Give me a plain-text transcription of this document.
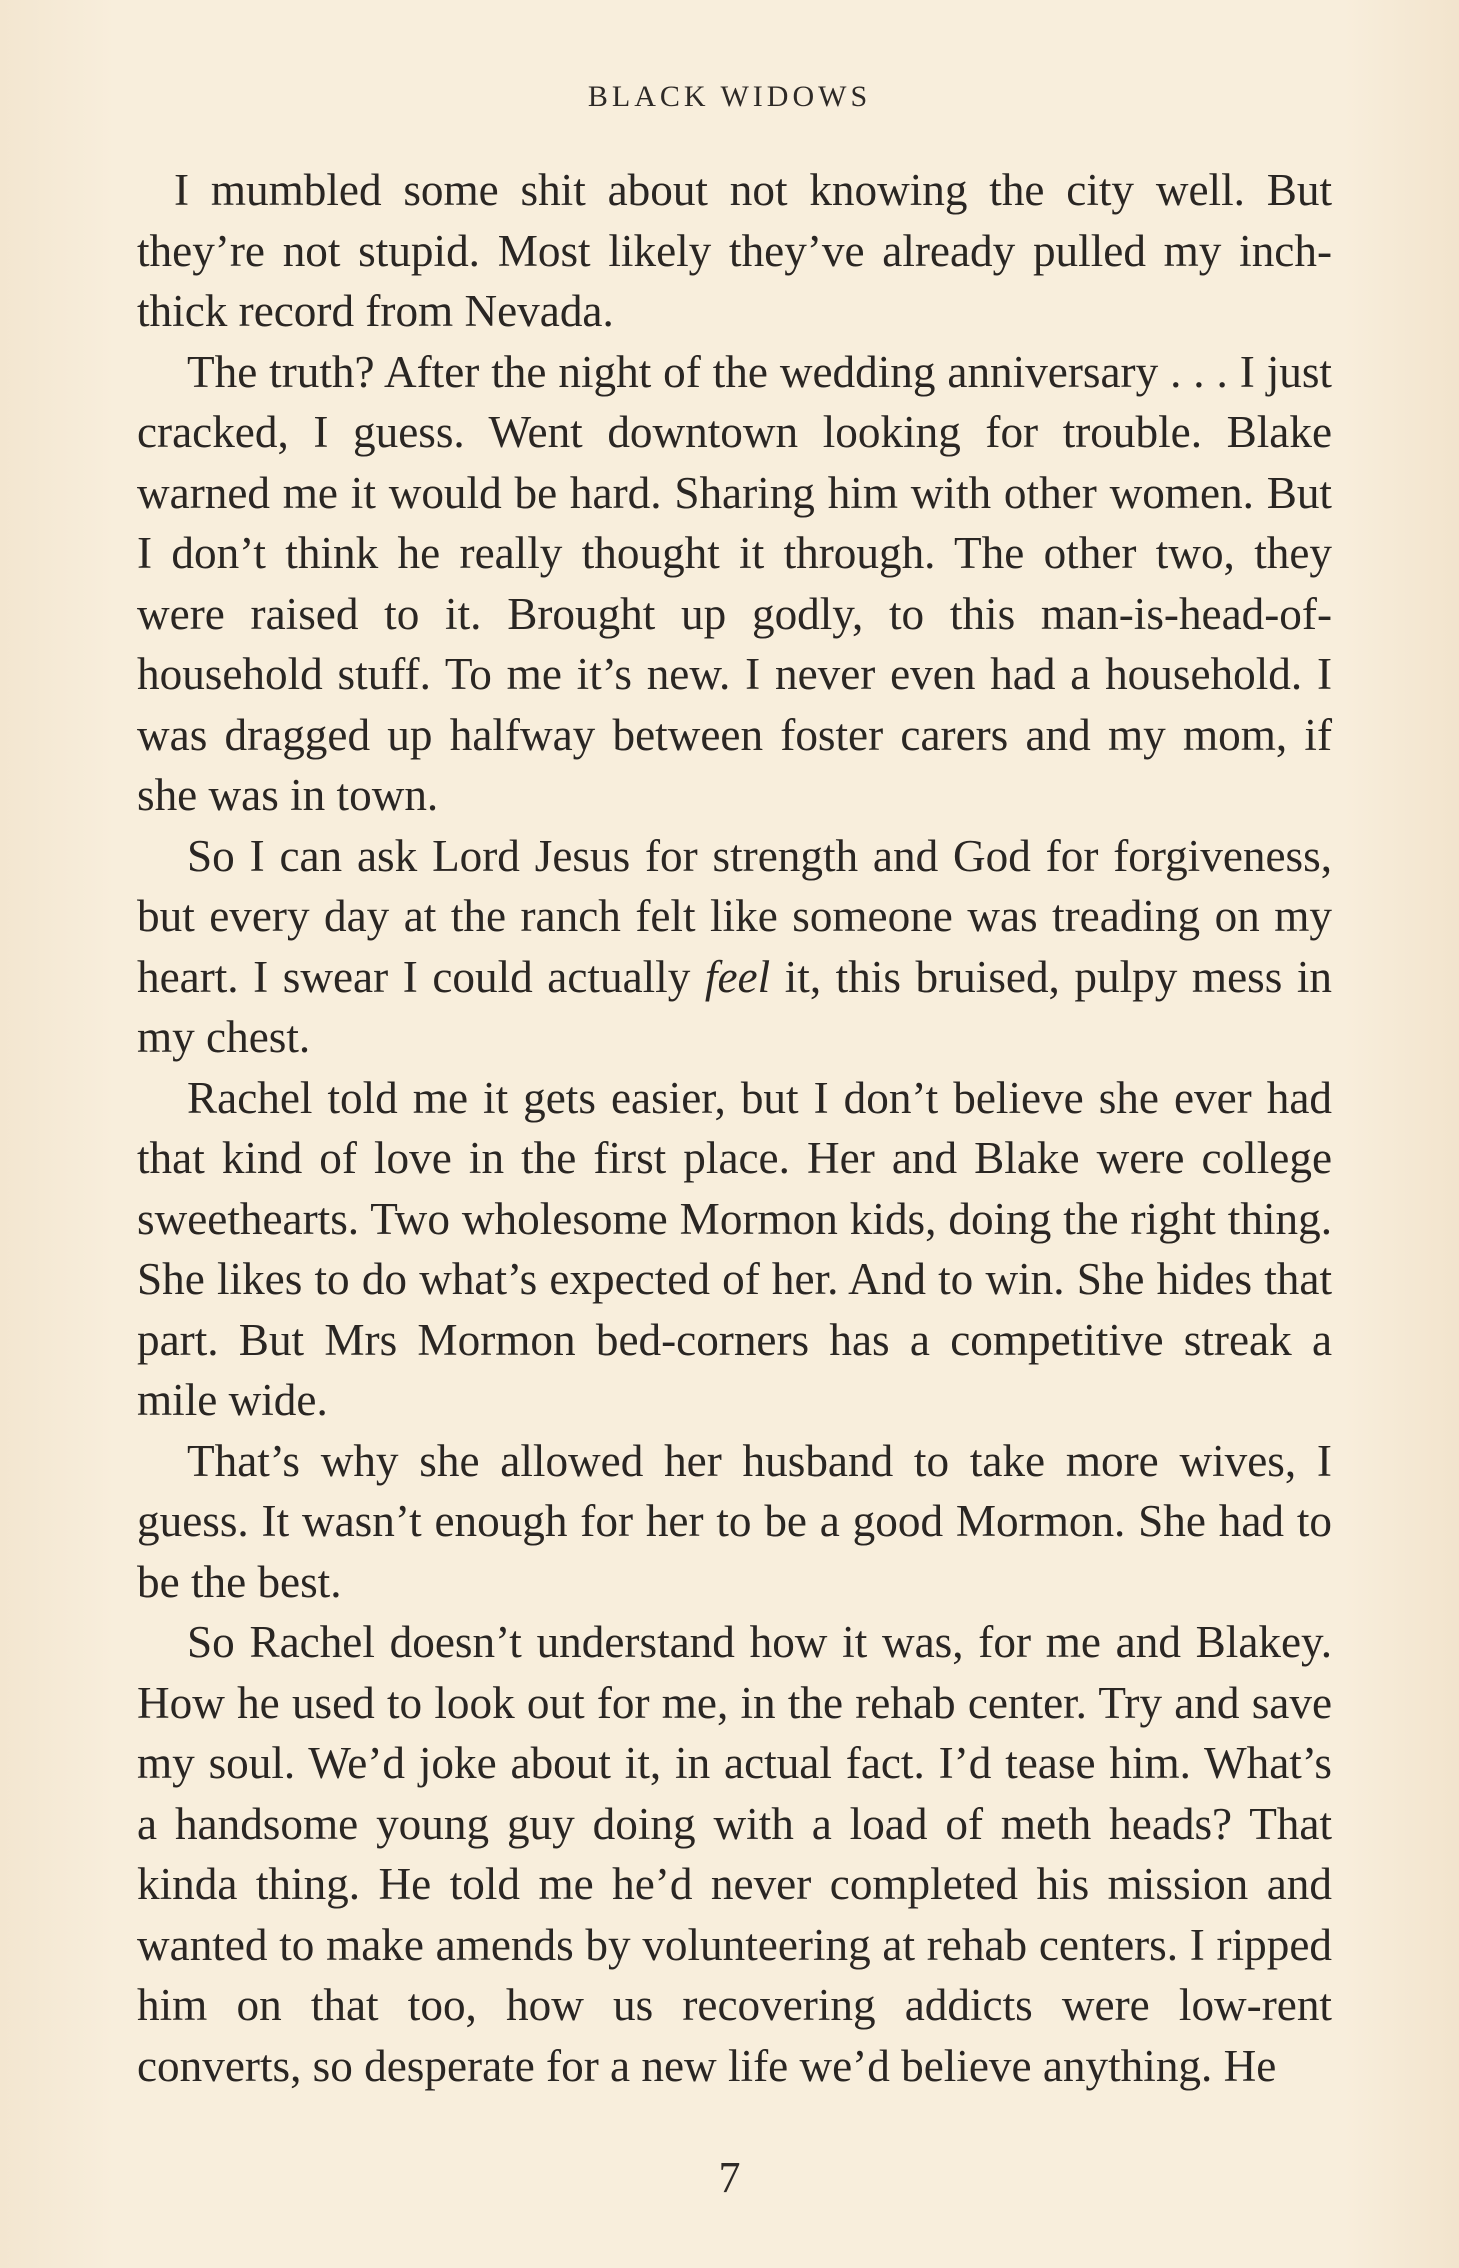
BLACK WIDOWS

I mumbled some shit about not knowing the city well. But they’re not stupid. Most likely they’ve already pulled my inch-thick record from Nevada.

The truth? After the night of the wedding anniversary . . . I just cracked, I guess. Went downtown looking for trouble. Blake warned me it would be hard. Sharing him with other women. But I don’t think he really thought it through. The other two, they were raised to it. Brought up godly, to this man-is-head-of-household stuff. To me it’s new. I never even had a household. I was dragged up halfway between foster carers and my mom, if she was in town.

So I can ask Lord Jesus for strength and God for forgiveness, but every day at the ranch felt like someone was treading on my heart. I swear I could actually feel it, this bruised, pulpy mess in my chest.

Rachel told me it gets easier, but I don’t believe she ever had that kind of love in the first place. Her and Blake were college sweethearts. Two wholesome Mormon kids, doing the right thing. She likes to do what’s expected of her. And to win. She hides that part. But Mrs Mormon bed-corners has a competitive streak a mile wide.

That’s why she allowed her husband to take more wives, I guess. It wasn’t enough for her to be a good Mormon. She had to be the best.

So Rachel doesn’t understand how it was, for me and Blakey. How he used to look out for me, in the rehab center. Try and save my soul. We’d joke about it, in actual fact. I’d tease him. What’s a handsome young guy doing with a load of meth heads? That kinda thing. He told me he’d never completed his mission and wanted to make amends by volunteering at rehab centers. I ripped him on that too, how us recovering addicts were low-rent converts, so desperate for a new life we’d believe anything. He

7
